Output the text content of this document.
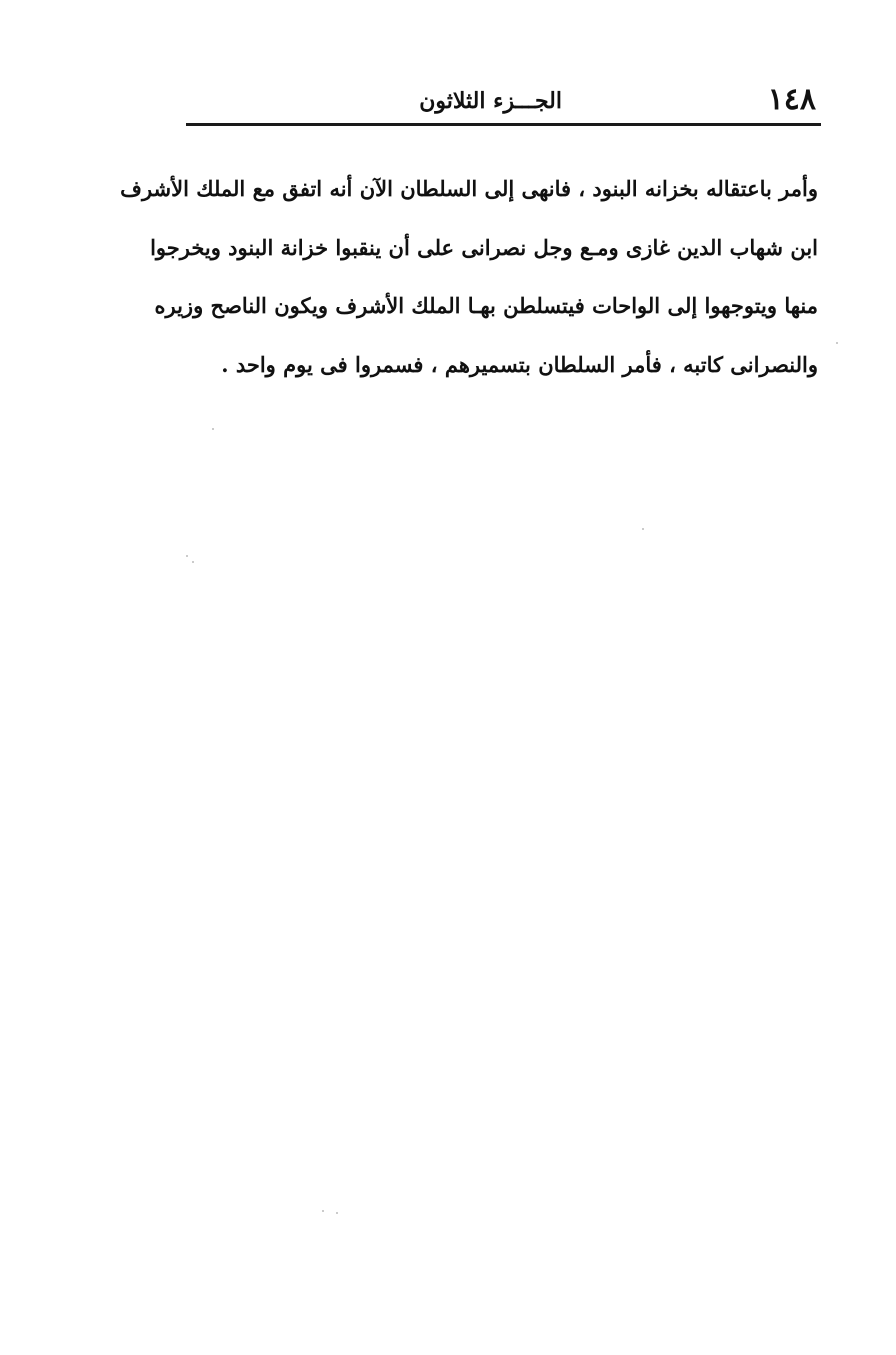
١٤٨
الجـــزء الثلاثون
وأمر باعتقاله بخزانه البنود ، فانهى إلى السلطان الآن أنه اتفق مع الملك الأشرف
ابن شهاب الدين غازى ومـع وجل نصرانى على أن ينقبوا خزانة البنود ويخرجوا
منها ويتوجهوا إلى الواحات فيتسلطن بهـا الملك الأشرف ويكون الناصح وزيره
والنصرانى كاتبه ، فأمر السلطان بتسميرهم ، فسمروا فى يوم واحد .
